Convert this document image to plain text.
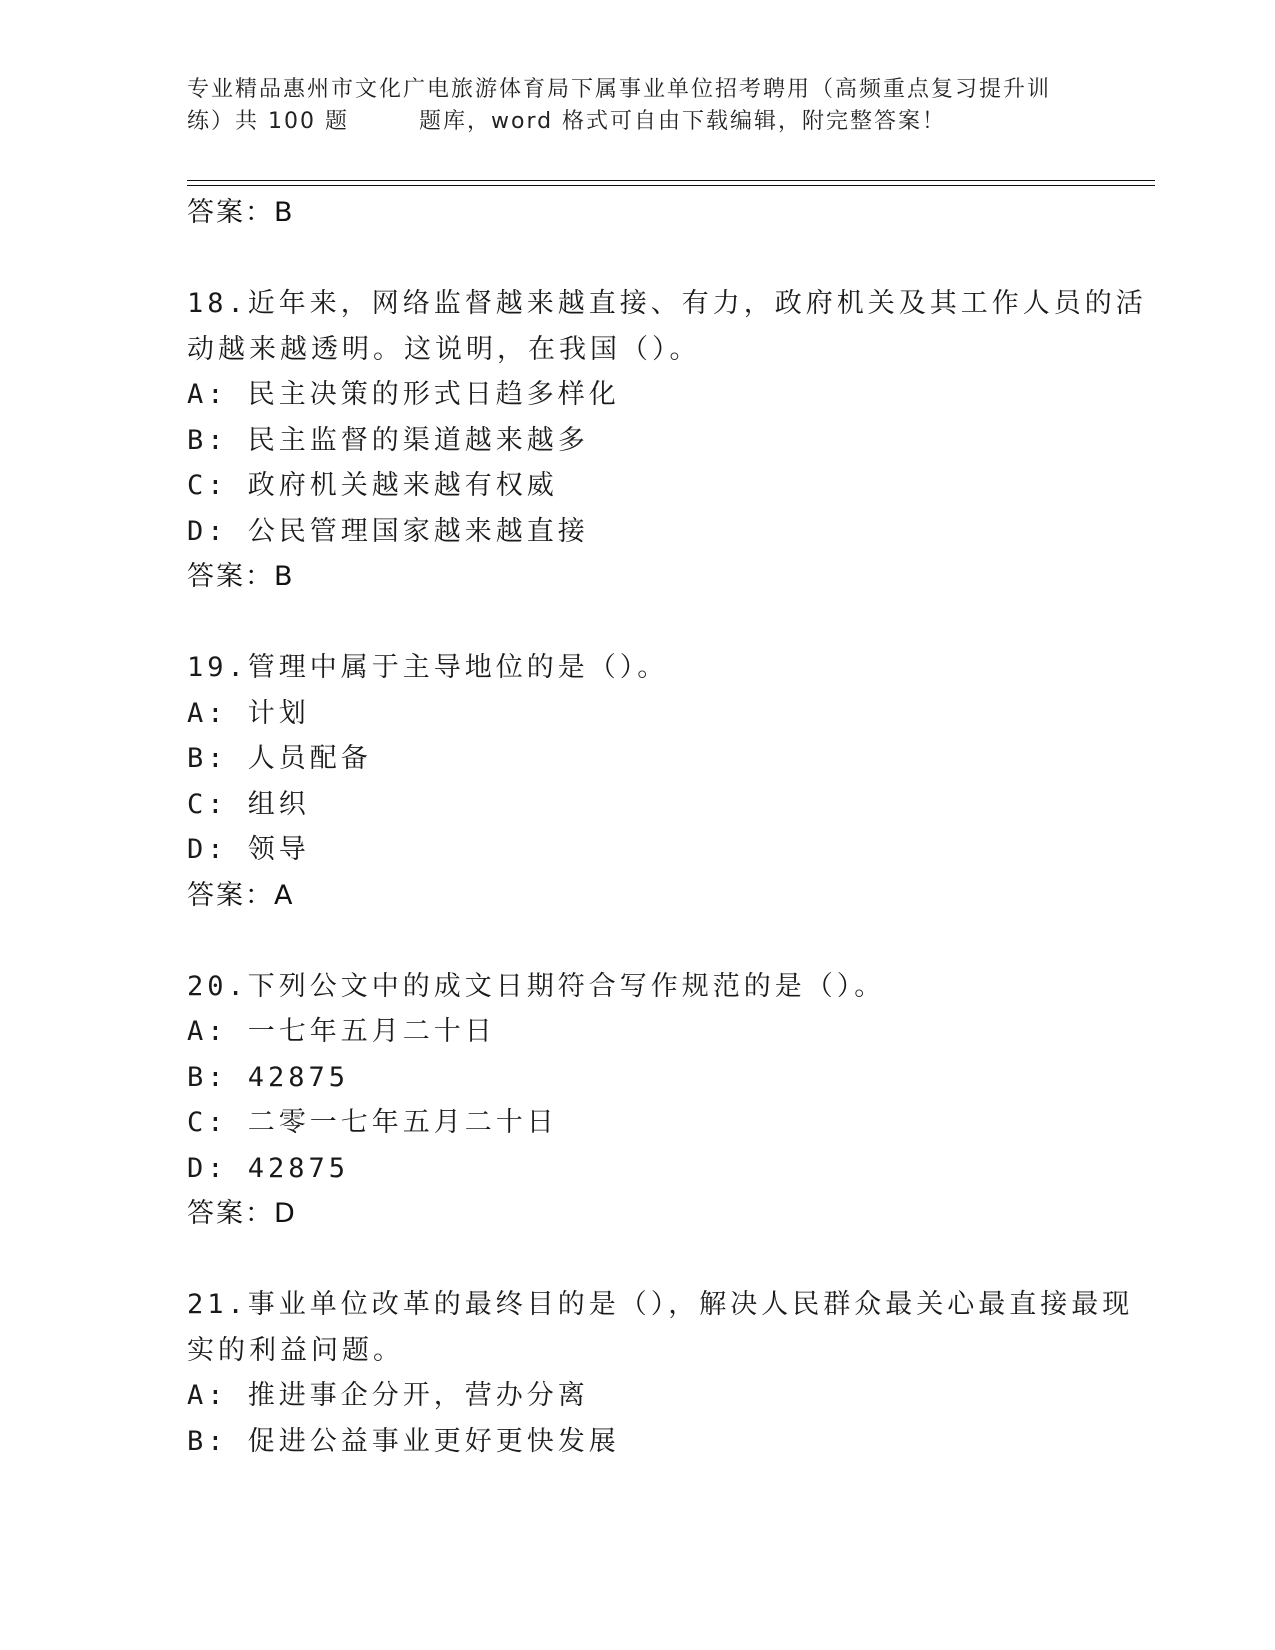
专业精品惠州市文化广电旅游体育局下属事业单位招考聘用（高频重点复习提升训
练）共 100 题	题库，word 格式可自由下载编辑，附完整答案！
答案：B
18.近年来，网络监督越来越直接、有力，政府机关及其工作人员的活
动越来越透明。这说明，在我国（）。
A: 民主决策的形式日趋多样化
B: 民主监督的渠道越来越多
C: 政府机关越来越有权威
D: 公民管理国家越来越直接
答案：B
19.管理中属于主导地位的是（）。
A: 计划
B: 人员配备
C: 组织
D: 领导
答案：A
20.下列公文中的成文日期符合写作规范的是（）。
A: 一七年五月二十日
B: 42875
C: 二零一七年五月二十日
D: 42875
答案：D
21.事业单位改革的最终目的是（），解决人民群众最关心最直接最现
实的利益问题。
A: 推进事企分开，营办分离
B: 促进公益事业更好更快发展
